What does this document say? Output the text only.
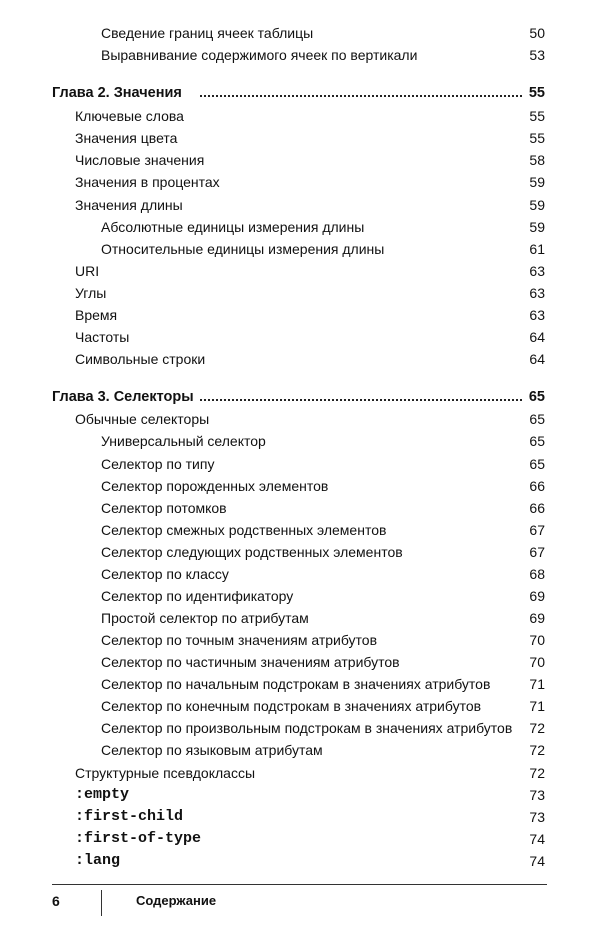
Сведение границ ячеек таблицы	50
Выравнивание содержимого ячеек по вертикали	53
Глава 2. Значения	55
Ключевые слова	55
Значения цвета	55
Числовые значения	58
Значения в процентах	59
Значения длины	59
Абсолютные единицы измерения длины	59
Относительные единицы измерения длины	61
URI	63
Углы	63
Время	63
Частоты	64
Символьные строки	64
Глава 3. Селекторы	65
Обычные селекторы	65
Универсальный селектор	65
Селектор по типу	65
Селектор порожденных элементов	66
Селектор потомков	66
Селектор смежных родственных элементов	67
Селектор следующих родственных элементов	67
Селектор по классу	68
Селектор по идентификатору	69
Простой селектор по атрибутам	69
Селектор по точным значениям атрибутов	70
Селектор по частичным значениям атрибутов	70
Селектор по начальным подстрокам в значениях атрибутов	71
Селектор по конечным подстрокам в значениях атрибутов	71
Селектор по произвольным подстрокам в значениях атрибутов 72
Селектор по языковым атрибутам	72
Структурные псевдоклассы	72
:empty	73
:first-child	73
:first-of-type	74
:lang	74
6	Содержание
